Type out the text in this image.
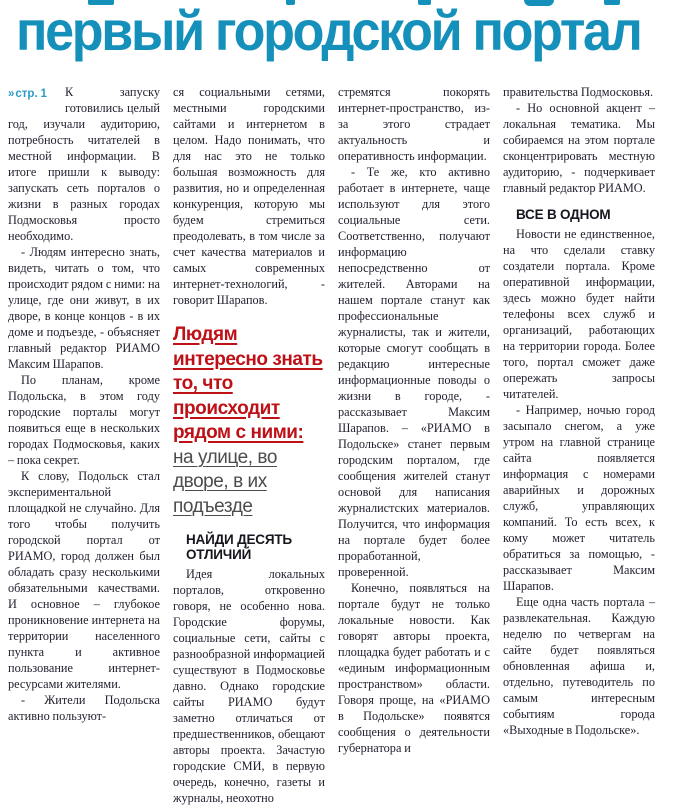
первый городской портал

» стр. 1	К запуску готовились целый год, изучали аудиторию, потребность читателей в местной информации. В итоге пришли к выводу: запускать сеть порталов о жизни в разных городах Подмосковья просто необходимо.

- Людям интересно знать, видеть, читать о том, что происходит рядом с ними: на улице, где они живут, в их дворе, в конце концов - в их доме и подъезде, - объясняет главный редактор РИАМО Максим Шарапов.

По планам, кроме Подольска, в этом году городские порталы могут появиться еще в нескольких городах Подмосковья, каких – пока секрет.

К слову, Подольск стал экспериментальной площадкой не случайно. Для того чтобы получить городской портал от РИАМО, город должен был обладать сразу несколькими обязательными качествами. И основное – глубокое проникновение интернета на территории населенного пункта и активное пользование интернет-ресурсами жителями.

- Жители Подольска активно пользуют-

ся социальными сетями, местными городскими сайтами и интернетом в целом. Надо понимать, что для нас это не только большая возможность для развития, но и определенная конкуренция, которую мы будем стремиться преодолевать, в том числе за счет качества материалов и самых современных интернет-технологий, - говорит Шарапов.

Людям интересно знать то, что происходит рядом с ними: на улице, во дворе, в их подъезде
НАЙДИ ДЕСЯТЬ ОТЛИЧИЙ

Идея локальных порталов, откровенно говоря, не особенно нова. Городские форумы, социальные сети, сайты с разнообразной информацией существуют в Подмосковье давно. Однако городские сайты РИАМО будут заметно отличаться от предшественников, обещают авторы проекта. Зачастую городские СМИ, в первую очередь, конечно, газеты и журналы, неохотно

стремятся покорять интернет-пространство, из-за этого страдает актуальность и оперативность информации.

- Те же, кто активно работает в интернете, чаще используют для этого социальные сети. Соответственно, получают информацию непосредственно от жителей. Авторами на нашем портале станут как профессиональные журналисты, так и жители, которые смогут сообщать в редакцию интересные информационные поводы о жизни в городе, - рассказывает Максим Шарапов. – «РИАМО в Подольске» станет первым городским порталом, где сообщения жителей станут основой для написания журналистских материалов. Получится, что информация на портале будет более проработанной, проверенной.

Конечно, появляться на портале будут не только локальные новости. Как говорят авторы проекта, площадка будет работать и с «единым информационным пространством» области. Говоря проще, на «РИАМО в Подольске» появятся сообщения о деятельности губернатора и

правительства Подмосковья.

- Но основной акцент – локальная тематика. Мы собираемся на этом портале сконцентрировать местную аудиторию, - подчеркивает главный редактор РИАМО.

ВСЕ В ОДНОМ

Новости не единственное, на что сделали ставку создатели портала. Кроме оперативной информации, здесь можно будет найти телефоны всех служб и организаций, работающих на территории города. Более того, портал сможет даже опережать запросы читателей.

- Например, ночью город засыпало снегом, а уже утром на главной странице сайта появляется информация с номерами аварийных и дорожных служб, управляющих компаний. То есть всех, к кому может читатель обратиться за помощью, - рассказывает Максим Шарапов.

Еще одна часть портала – развлекательная. Каждую неделю по четвергам на сайте будет появляться обновленная афиша и, отдельно, путеводитель по самым интересным событиям города «Выходные в Подольске».
